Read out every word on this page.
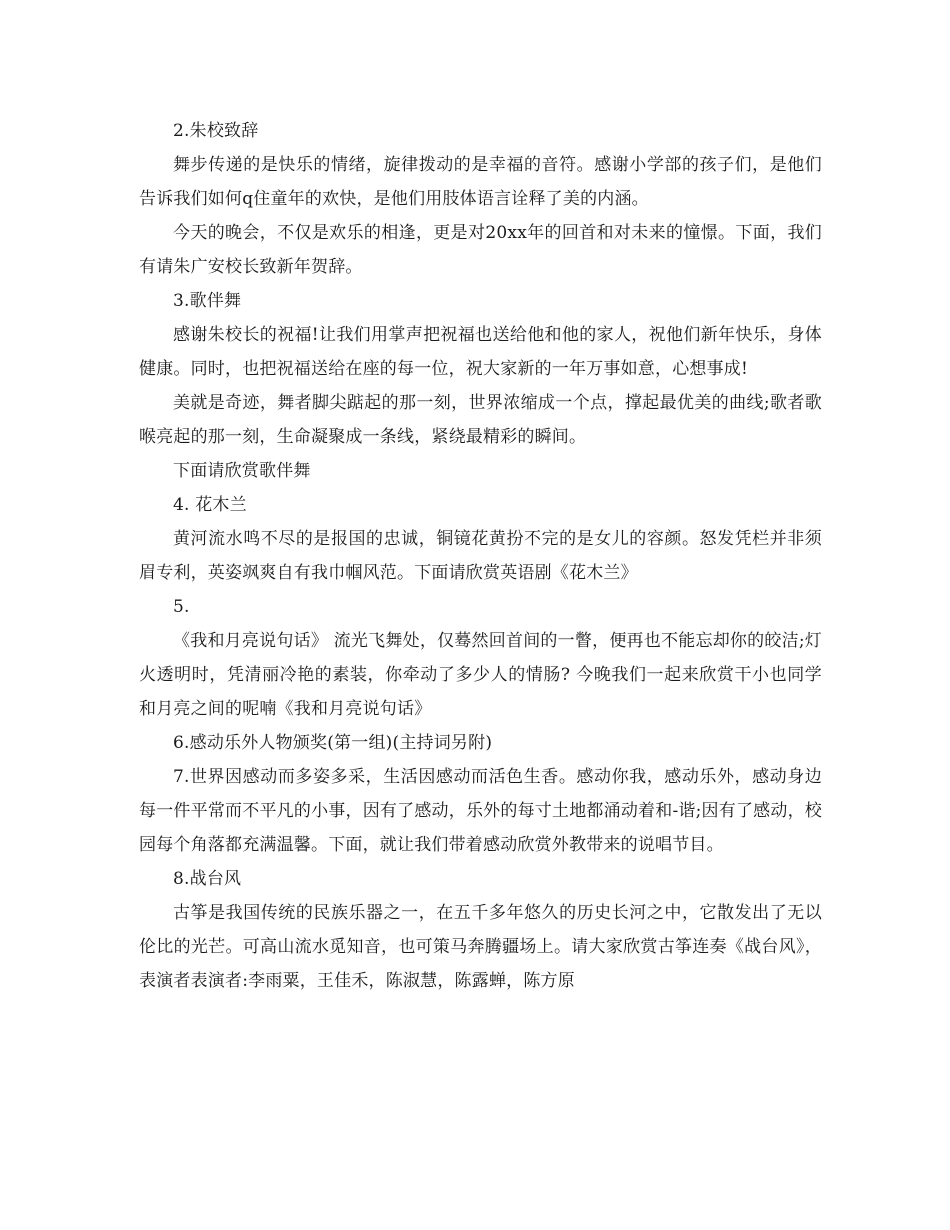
2.朱校致辞

舞步传递的是快乐的情绪，旋律拨动的是幸福的音符。感谢小学部的孩子们，是他们告诉我们如何q住童年的欢快，是他们用肢体语言诠释了美的内涵。

今天的晚会，不仅是欢乐的相逢，更是对20xx年的回首和对未来的憧憬。下面，我们有请朱广安校长致新年贺辞。

3.歌伴舞

感谢朱校长的祝福!让我们用掌声把祝福也送给他和他的家人，祝他们新年快乐，身体健康。同时，也把祝福送给在座的每一位，祝大家新的一年万事如意，心想事成!

美就是奇迹，舞者脚尖踮起的那一刻，世界浓缩成一个点，撑起最优美的曲线;歌者歌喉亮起的那一刻，生命凝聚成一条线，紧绕最精彩的瞬间。

下面请欣赏歌伴舞

4. 花木兰

黄河流水鸣不尽的是报国的忠诚，铜镜花黄扮不完的是女儿的容颜。怒发凭栏并非须眉专利，英姿飒爽自有我巾帼风范。下面请欣赏英语剧《花木兰》

5.

《我和月亮说句话》 流光飞舞处，仅蓦然回首间的一瞥，便再也不能忘却你的皎洁;灯火透明时，凭清丽冷艳的素装，你牵动了多少人的情肠? 今晚我们一起来欣赏干小也同学和月亮之间的呢喃《我和月亮说句话》

6.感动乐外人物颁奖(第一组)(主持词另附)

7.世界因感动而多姿多采，生活因感动而活色生香。感动你我，感动乐外，感动身边每一件平常而不平凡的小事，因有了感动，乐外的每寸土地都涌动着和-谐;因有了感动，校园每个角落都充满温馨。下面，就让我们带着感动欣赏外教带来的说唱节目。

8.战台风

古筝是我国传统的民族乐器之一，在五千多年悠久的历史长河之中，它散发出了无以伦比的光芒。可高山流水觅知音，也可策马奔腾疆场上。请大家欣赏古筝连奏《战台风》，表演者表演者:李雨粟，王佳禾，陈淑慧，陈露蝉，陈方原
